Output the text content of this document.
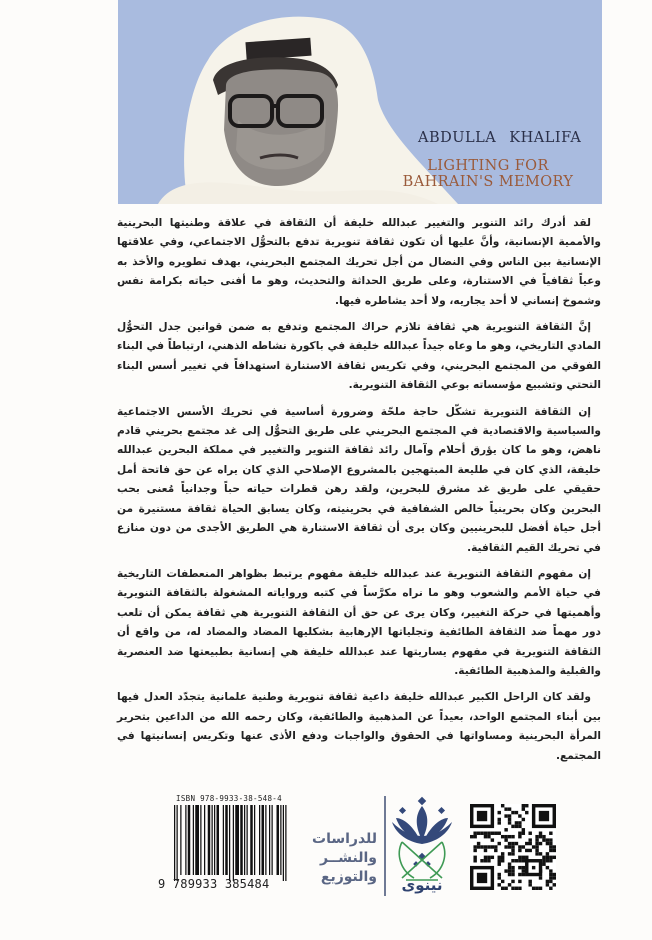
ABDULLA KHALIFA
LIGHTING FOR
BAHRAIN'S MEMORY

لقد أدرك رائد التنوير والتغيير عبدالله خليفة أن الثقافة في علاقة وطنيتها البحرينية والأممية الإنسانية، وأنَّ عليها أن تكون ثقافة تنويرية تدفع بالتحوُّل الاجتماعي، وفي علاقتها الإنسانية بين الناس وفي النضال من أجل تحريك المجتمع البحريني، بهدف تطويره والأخذ به وعياً ثقافياً في الاستنارة، وعلى طريق الحداثة والتحديث، وهو ما أفنى حياته بكرامة نفس وشموخ إنساني لا أحد يجاريه، ولا أحد يشاطره فيها.

إنَّ الثقافة التنويرية هي ثقافة تلازم حراك المجتمع وتدفع به ضمن قوانين جدل التحوُّل المادي التاريخي، وهو ما وعاه جيداً عبدالله خليفة في باكورة نشاطه الذهني، ارتباطاً في البناء الفوقي من المجتمع البحريني، وفي تكريس ثقافة الاستنارة استهدافاً في تغيير أسس البناء التحتي وتشبيع مؤسساته بوعي الثقافة التنويرية.

إن الثقافة التنويرية تشكّل حاجة ملحّة وضرورة أساسية في تحريك الأسس الاجتماعية والسياسية والاقتصادية في المجتمع البحريني على طريق التحوُّل إلى غد مجتمع بحريني قادم ناهض، وهو ما كان يؤرق أحلام وآمال رائد ثقافة التنوير والتغيير في مملكة البحرين عبدالله خليفة، الذي كان في طليعة المبتهجين بالمشروع الإصلاحي الذي كان يراه عن حق فاتحة أمل حقيقي على طريق غد مشرق للبحرين، ولقد رهن قطرات حياته حباً وجدانياً مُعنى بحب البحرين وكان بحرينياً خالص الشفافية في بحرينيته، وكان يسابق الحياة ثقافة مستنيرة من أجل حياة أفضل للبحرينيين وكان يرى أن ثقافة الاستنارة هي الطريق الأجدى من دون منازع في تحريك القيم الثقافية.

إن مفهوم الثقافة التنويرية عند عبدالله خليفة مفهوم يرتبط بظواهر المنعطفات التاريخية في حياة الأمم والشعوب وهو ما نراه مكرَّساً في كتبه ورواياته المشغولة بالثقافة التنويرية وأهميتها في حركة التغيير، وكان يرى عن حق أن الثقافة التنويرية هي ثقافة يمكن أن تلعب دور مهماً ضد الثقافة الطائفية وتجلياتها الإرهابية بشكليها المضاد والمضاد له، من واقع أن الثقافة التنويرية في مفهوم يساريتها عند عبدالله خليفة هي إنسانية بطبيعتها ضد العنصرية والقبلية والمذهبية الطائفية.

ولقد كان الراحل الكبير عبدالله خليفة داعية ثقافة تنويرية وطنية علمانية يتجدّد العدل فيها بين أبناء المجتمع الواحد، بعيداً عن المذهبية والطائفية، وكان رحمه الله من الداعين بتحرير المرأة البحرينية ومساواتها في الحقوق والواجبات ودفع الأذى عنها وتكريس إنسانيتها في المجتمع.

ISBN 978-9933-38-548-4
9 789933 385484
للدراسات
والنشــر
والتوزيع	نينوى
